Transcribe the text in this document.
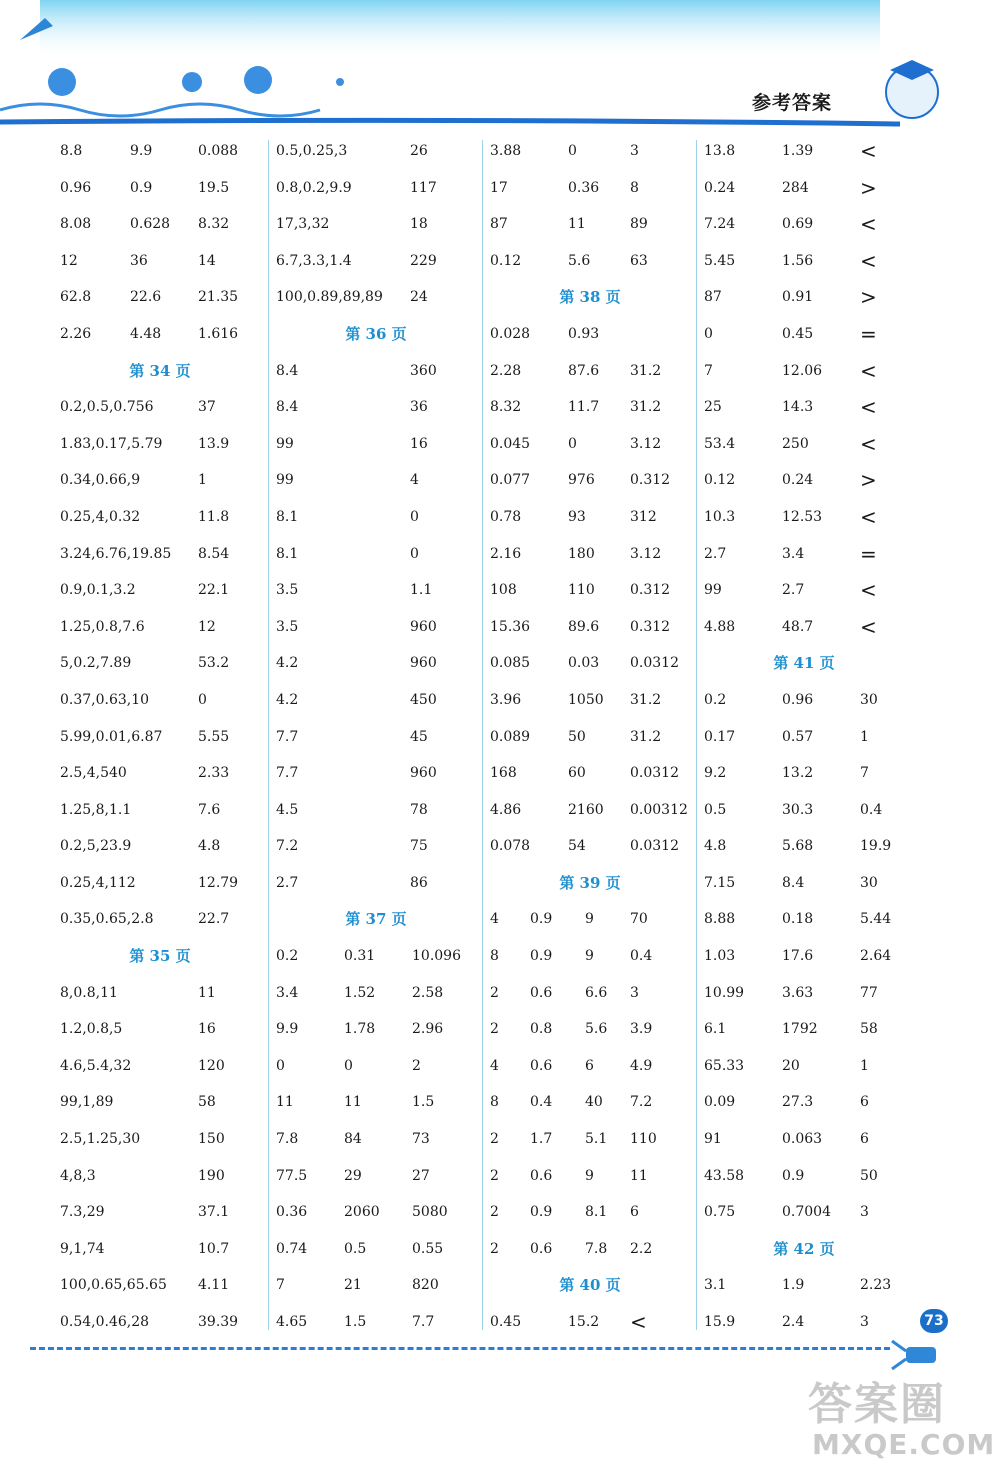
参考答案
8.8	9.9	0.088
0.96	0.9	19.5
8.08	0.628 8.32
12	36	14
62.8	22.6	21.35
2.26	4.48	1.616
第 34 页
0.2,0.5,0.756	37
1.83,0.17,5.79	13.9
0.34,0.66,9	1
0.25,4,0.32	11.8
3.24,6.76,19.85 8.54
0.9,0.1,3.2	22.1
1.25,0.8,7.6	12
5,0.2,7.89	53.2
0.37,0.63,10	0
5.99,0.01,6.87	5.55
2.5,4,540	2.33
1.25,8,1.1	7.6
0.2,5,23.9	4.8
0.25,4,112	12.79
0.35,0.65,2.8	22.7
第 35 页
8,0.8,11	11
1.2,0.8,5	16
4.6,5.4,32	120
99,1,89	58
2.5,1.25,30	150
4,8,3	190
7.3,29	37.1
9,1,74	10.7
100,0.65,65.65 4.11
0.54,0.46,28	39.39
0.5,0.25,3	26
0.8,0.2,9.9	117
17,3,32	18
6.7,3.3,1.4	229
100,0.89,89,89 24
第 36 页
8.4	360
8.4	36
99	16
99	4
8.1	0
8.1	0
3.5	1.1
3.5	960
4.2	960
4.2	450
7.7	45
7.7	960
4.5	78
7.2	75
2.7	86
第 37 页
0.2	0.31	10.096
3.4	1.52	2.58
9.9	1.78	2.96
0	0	2
11	11	1.5
7.8	84	73
77.5	29	27
0.36	2060 5080
0.74	0.5	0.55
7	21	820
4.65	1.5	7.7
3.88	0	3
17	0.36 8
87	11	89
0.12	5.6	63
第 38 页
0.028	0.93
2.28	87.6 31.2
8.32	11.7 31.2
0.045	0	3.12
0.077	976	0.312
0.78	93	312
2.16	180	3.12
108	110	0.312
15.36	89.6 0.312
0.085	0.03 0.0312
3.96	1050 31.2
0.089	50	31.2
168	60	0.0312
4.86	2160 0.00312
0.078	54	0.0312
第 39 页
4 0.9 9	70
8 0.9 9	0.4
2 0.6 6.6 3
2 0.8 5.6 3.9
4 0.6 6	4.9
8 0.4 40 7.2
2 1.7 5.1 110
2 0.6 9	11
2 0.9 8.1 6
2 0.6 7.8 2.2
第 40 页
0.45	15.2 <
13.8	1.39 <
0.24	284	>
7.24	0.69 <
5.45	1.56 <
87	0.91 >
0	0.45 =
7	12.06 <
25	14.3 <
53.4	250	<
0.12	0.24 >
10.3	12.53 <
2.7	3.4	=
99	2.7	<
4.88	48.7 <
第 41 页
0.2	0.96	30
0.17	0.57	1
9.2	13.2	7
0.5	30.3	0.4
4.8	5.68	19.9
7.15	8.4	30
8.88	0.18	5.44
1.03	17.6	2.64
10.99	3.63	77
6.1	1792	58
65.33	20	1
0.09	27.3	6
91	0.063	6
43.58	0.9	50
0.75	0.7004 3
第 42 页
3.1	1.9	2.23
15.9	2.4	3	73
答案圈
MXQE.COM
